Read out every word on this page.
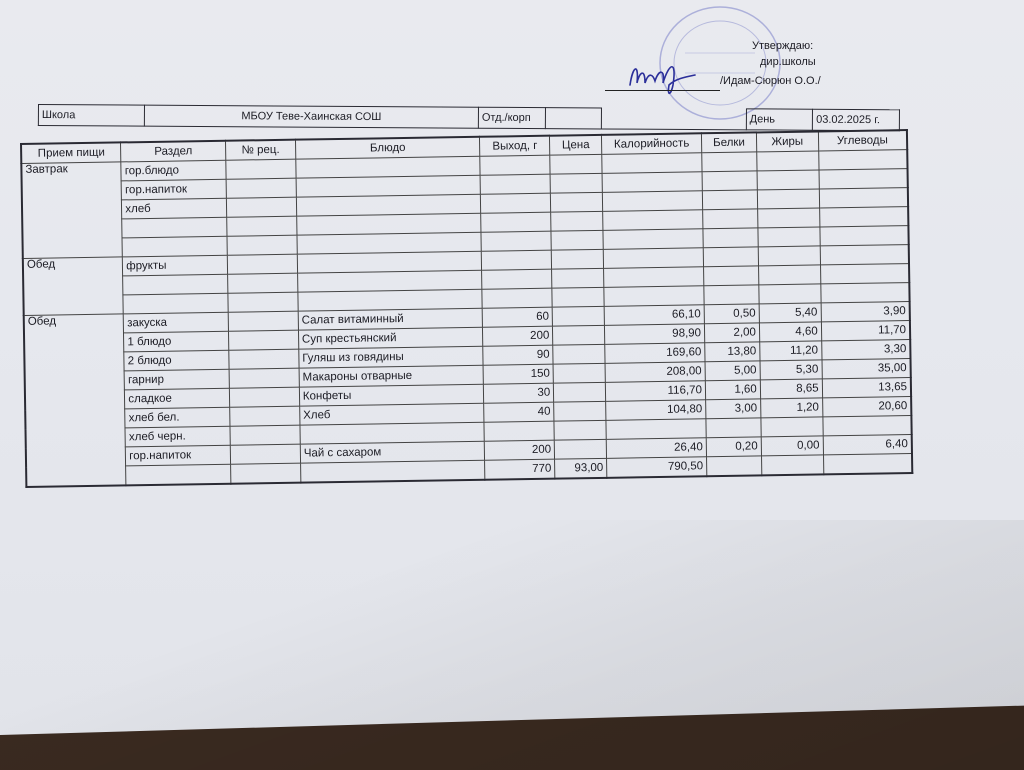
Утверждаю:
дир.школы
/Идам-Сюрюн О.О./
Школа	МБОУ Теве-Хаинская СОШ	Отд./корп			День	03.02.2025 г.
Прием пищи	Раздел	№ рец.	Блюдо	Выход, г	Цена	Калорийность	Белки	Жиры	Углеводы
Завтрак	гор.блюдо								
	гор.напиток								
	хлеб								

Обед	фрукты								

Обед	закуска		Салат витаминный	60		66,10	0,50	5,40	3,90
	1 блюдо		Суп крестьянский	200		98,90	2,00	4,60	11,70
	2 блюдо		Гуляш из говядины	90		169,60	13,80	11,20	3,30
	гарнир		Макароны отварные	150		208,00	5,00	5,30	35,00
	сладкое		Конфеты	30		116,70	1,60	8,65	13,65
	хлеб бел.		Хлеб	40		104,80	3,00	1,20	20,60
	хлеб черн.								
	гор.напиток		Чай с сахаром	200		26,40	0,20	0,00	6,40
				770	93,00	790,50			
